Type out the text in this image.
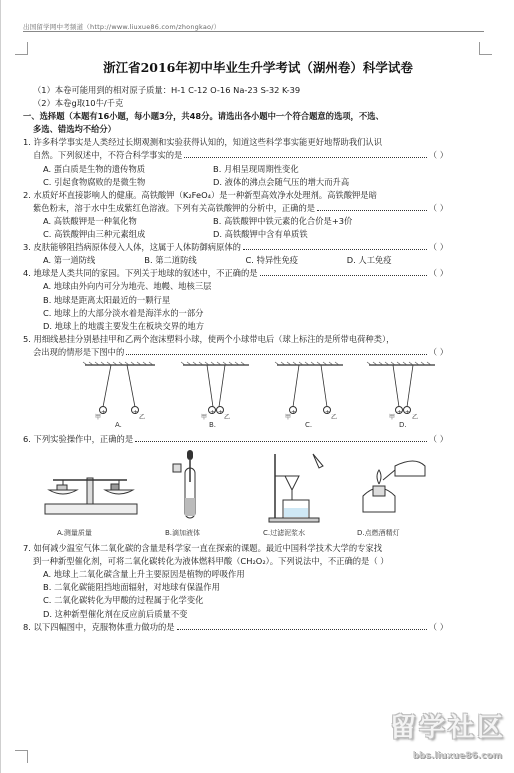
出国留学网中考频道（http://www.liuxue86.com/zhongkao/）
浙江省2016年初中毕业生升学考试（湖州卷）科学试卷
（1）本卷可能用到的相对原子质量：H-1 C-12 O-16 Na-23 S-32 K-39
（2）本卷g取10牛/千克
一、选择题（本题有16小题，每小题3分，共48分。请选出各小题中一个符合题意的选项，不选、
多选、错选均不给分）
1. 许多科学事实是人类经过长期观测和实验获得认知的，知道这些科学事实能更好地帮助我们认识
自然。下列叙述中，不符合科学事实的是	（ ）
A. 蛋白质是生物的遗传物质	B. 月相呈现周期性变化
C. 引起食物腐败的是微生物	D. 液体的沸点会随气压的增大而升高
2. 水质好坏直接影响人的健康。高铁酸钾（K₂FeO₄）是一种新型高效净水处理剂。高铁酸钾是暗
紫色粉末，溶于水中生成紫红色溶液。下列有关高铁酸钾的分析中，正确的是	（ ）
A. 高铁酸钾是一种氧化物	B. 高铁酸钾中铁元素的化合价是+3价
C. 高铁酸钾由三种元素组成	D. 高铁酸钾中含有单质铁
3. 皮肤能够阻挡病原体侵入人体，这属于人体防御病原体的	（ ）
A. 第一道防线	B. 第二道防线	C. 特异性免疫	D. 人工免疫
4. 地球是人类共同的家园。下列关于地球的叙述中，不正确的是	（ ）
A. 地球由外向内可分为地壳、地幔、地核三层
B. 地球是距离太阳最近的一颗行星
C. 地球上的大部分淡水着是海洋水的一部分
D. 地球上的地震主要发生在板块交界的地方
5. 用细线悬挂分别悬挂甲和乙两个泡沫塑料小球，使两个小球带电后（球上标注的是所带电荷种类），
会出现的情形是下图中的	（ ）
+	+	+ +	+	+	+ +
甲	乙	甲	乙	甲	乙	甲	乙
A.	B.	C.	D.
6. 下列实验操作中，正确的是	（ ）
A.测量质量	B.滴加液体	C.过滤泥浆水	D.点燃酒精灯
7. 如何减少温室气体二氧化碳的含量是科学家一直在探索的课题。最近中国科学技术大学的专家找
到一种新型催化剂，可将二氧化碳转化为液体燃料甲酸（CH₂O₂）。下列说法中，不正确的是（ ）
A. 地球上二氧化碳含量上升主要原因是植物的呼吸作用
B. 二氧化碳能阻挡地面辐射，对地球有保温作用
C. 二氧化碳转化为甲酸的过程属于化学变化
D. 这种新型催化剂在反应前后质量不变
8. 以下四幅图中，克服物体重力做功的是	（ ）
留学社区
bbs.liuxue86.com
